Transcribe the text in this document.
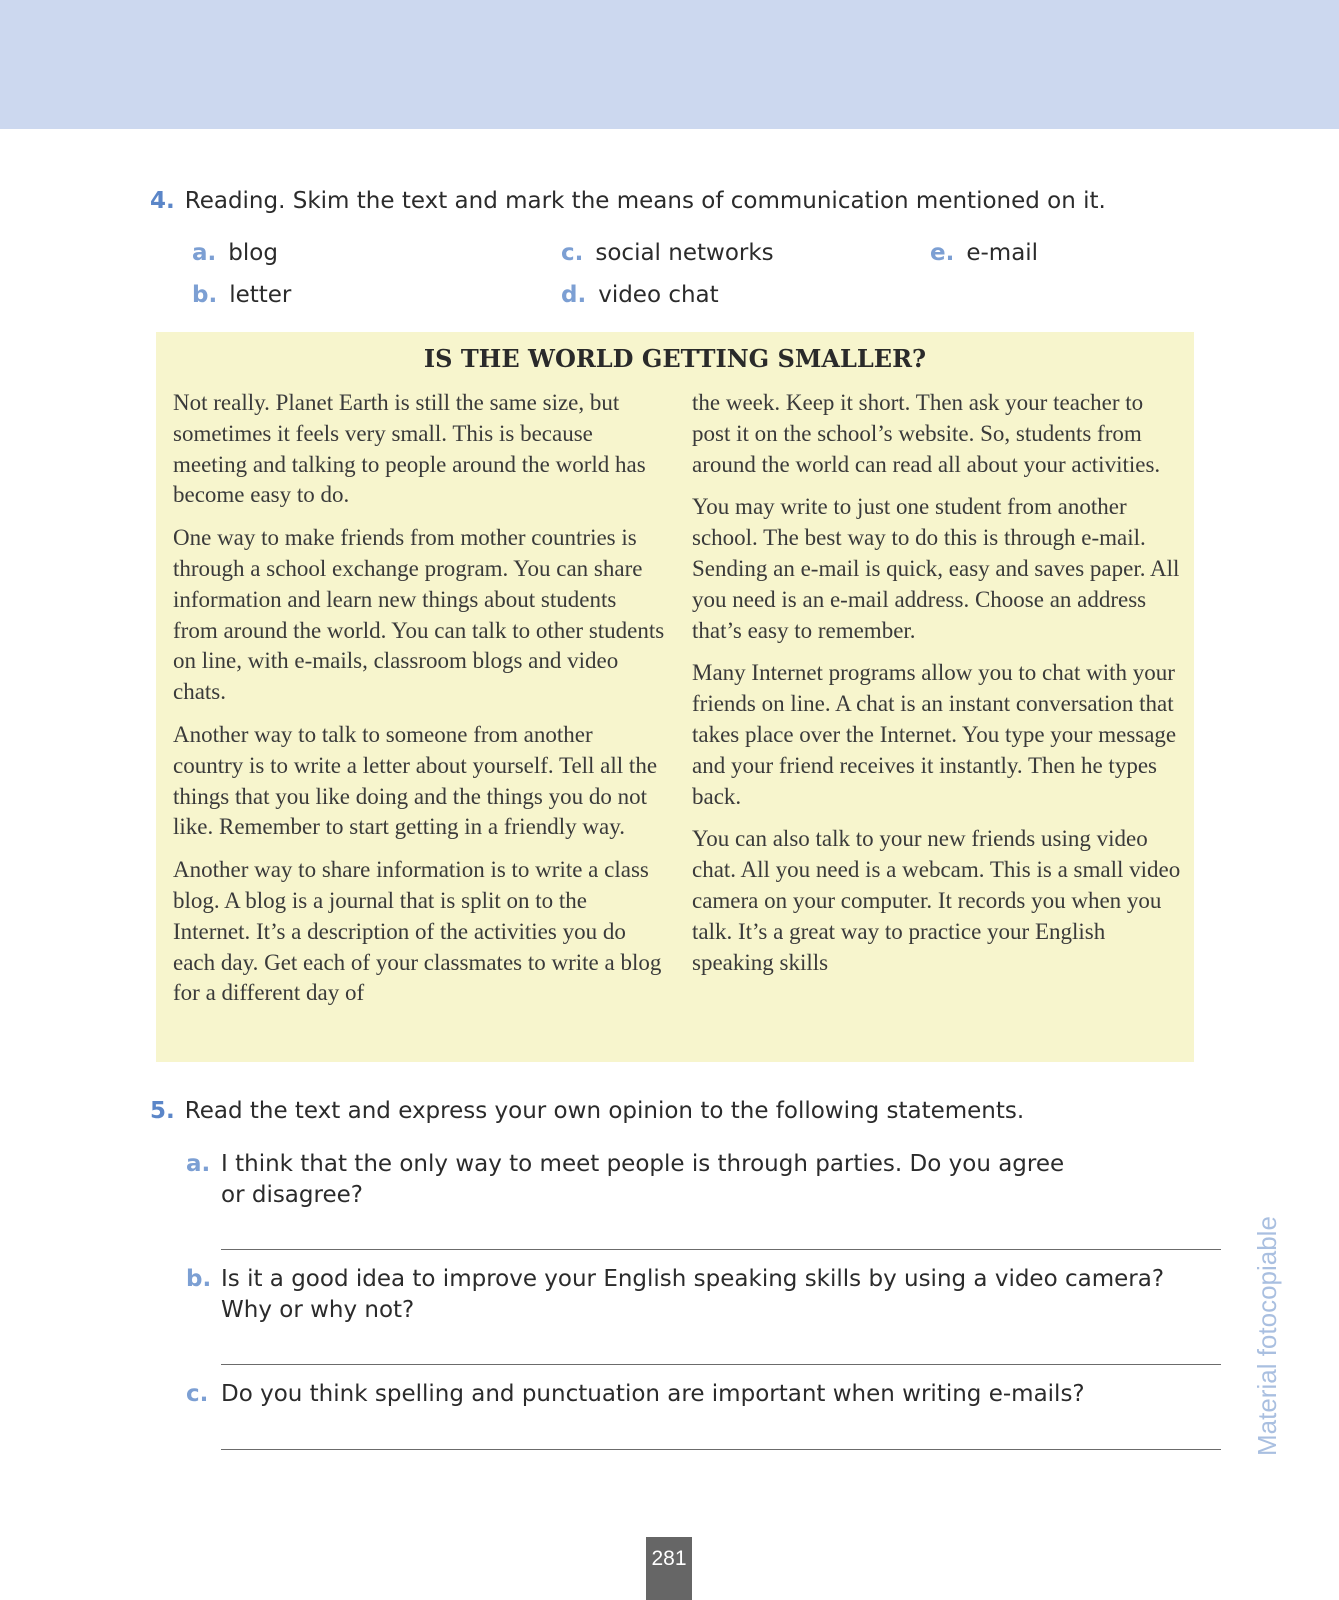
4. Reading. Skim the text and mark the means of communication mentioned on it.
a. blog
b. letter
c. social networks
d. video chat
e. e-mail
IS THE WORLD GETTING SMALLER?

Not really. Planet Earth is still the same size, but sometimes it feels very small. This is because meeting and talking to people around the world has become easy to do.

One way to make friends from mother countries is through a school exchange program. You can share information and learn new things about students from around the world. You can talk to other students on line, with e-mails, classroom blogs and video chats.

Another way to talk to someone from another country is to write a letter about yourself. Tell all the things that you like doing and the things you do not like. Remember to start getting in a friendly way.

Another way to share information is to write a class blog. A blog is a journal that is split on to the Internet. It’s a description of the activities you do each day. Get each of your classmates to write a blog for a different day of

the week. Keep it short. Then ask your teacher to post it on the school’s website. So, students from around the world can read all about your activities.

You may write to just one student from another school. The best way to do this is through e-mail. Sending an e-mail is quick, easy and saves paper. All you need is an e-mail address. Choose an address that’s easy to remember.

Many Internet programs allow you to chat with your friends on line. A chat is an instant conversation that takes place over the Internet. You type your message and your friend receives it instantly. Then he types back.

You can also talk to your new friends using video chat. All you need is a webcam. This is a small video camera on your computer. It records you when you talk. It’s a great way to practice your English speaking skills

5. Read the text and express your own opinion to the following statements.
a. I think that the only way to meet people is through parties. Do you agree
or disagree?
b. Is it a good idea to improve your English speaking skills by using a video camera?
Why or why not?
c. Do you think spelling and punctuation are important when writing e-mails?	Material fotocopiable
281
